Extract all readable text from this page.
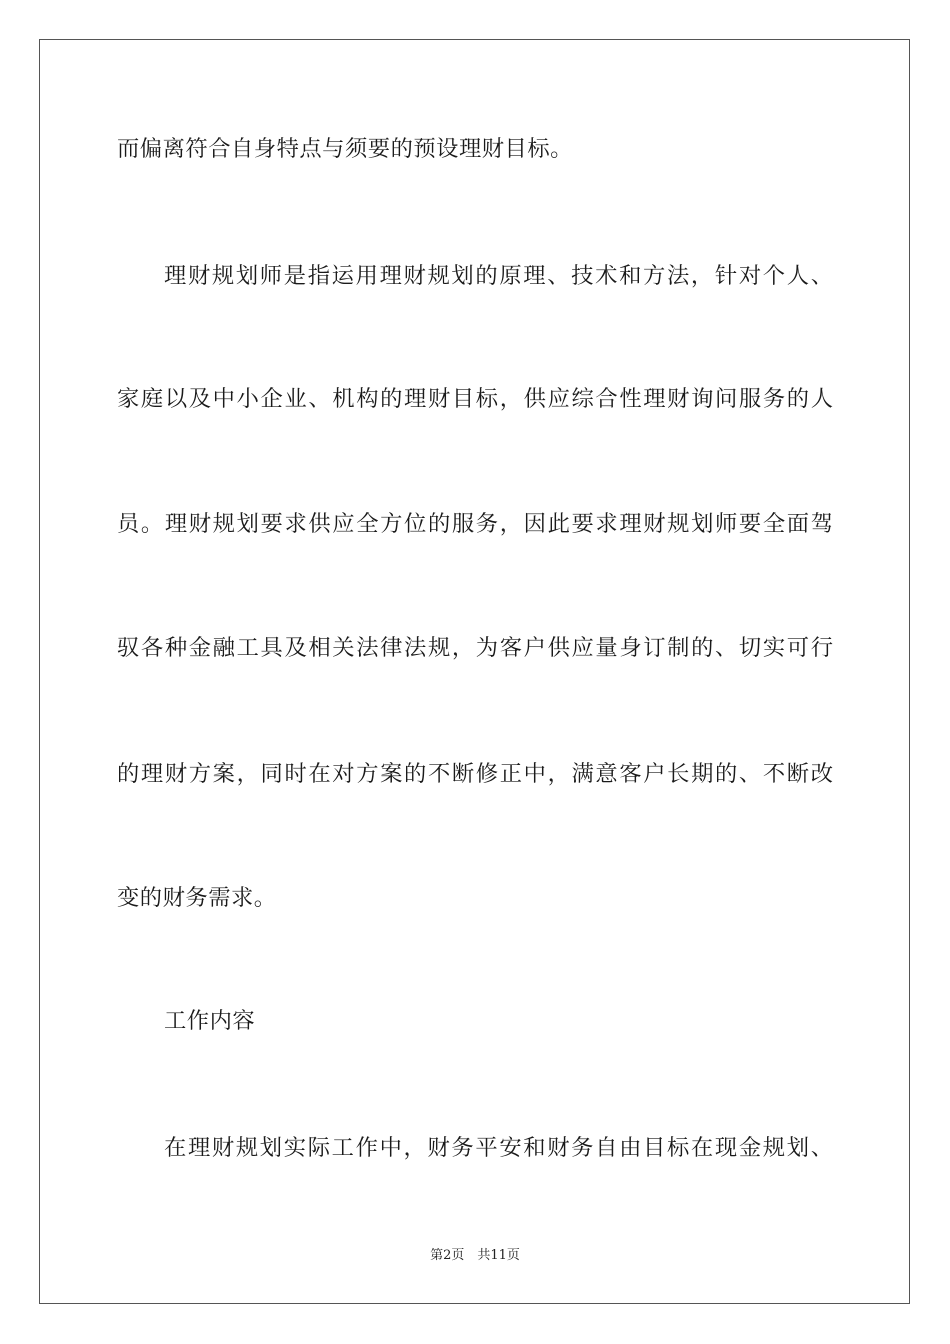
而偏离符合自身特点与须要的预设理财目标。
理财规划师是指运用理财规划的原理、技术和方法，针对个人、
家庭以及中小企业、机构的理财目标，供应综合性理财询问服务的人
员。理财规划要求供应全方位的服务，因此要求理财规划师要全面驾
驭各种金融工具及相关法律法规，为客户供应量身订制的、切实可行
的理财方案，同时在对方案的不断修正中，满意客户长期的、不断改
变的财务需求。
工作内容
在理财规划实际工作中，财务平安和财务自由目标在现金规划、
第2页　共11页
